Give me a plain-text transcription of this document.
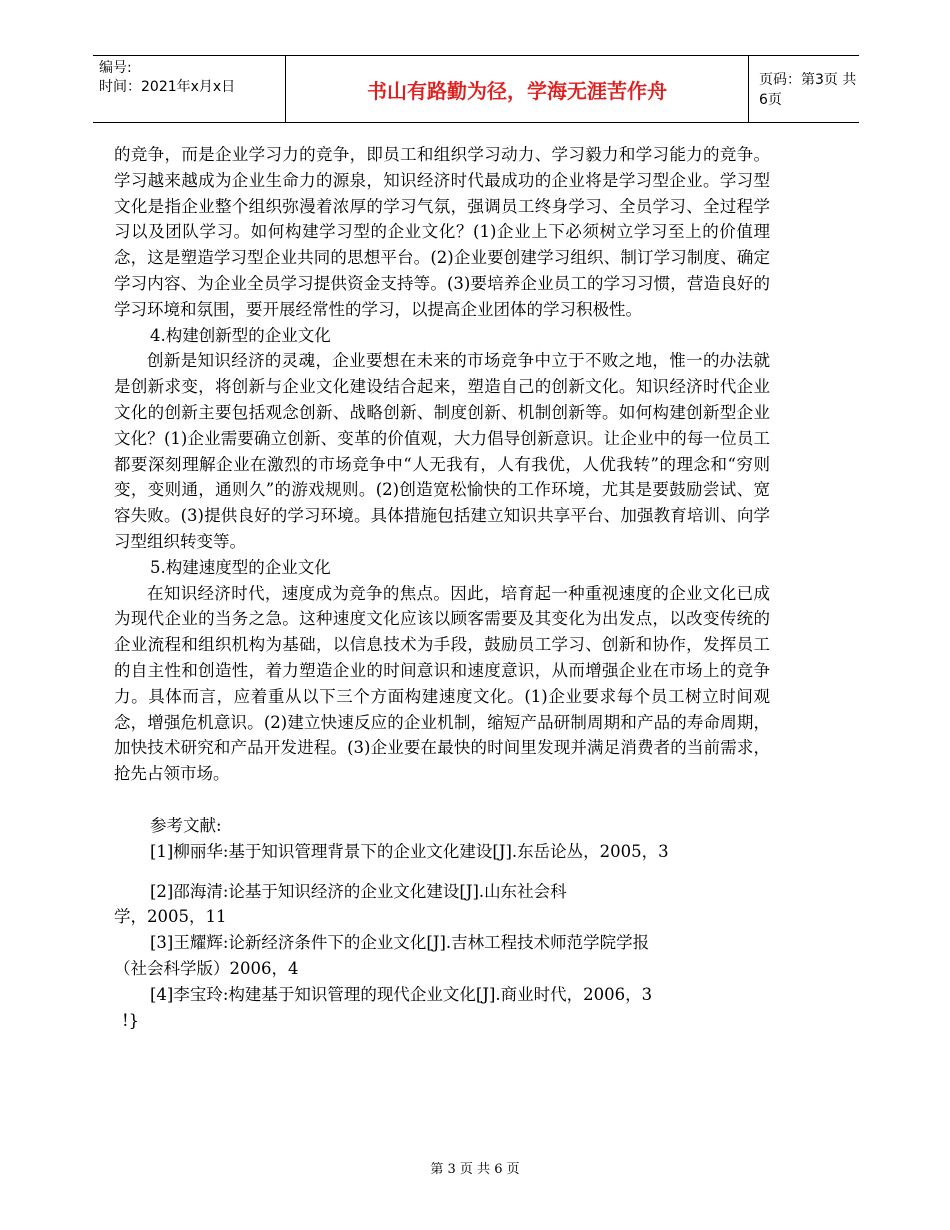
编号:
时间：2021年x月x日	书山有路勤为径，学海无涯苦作舟	页码：第3页 共6页

的竞争，而是企业学习力的竞争，即员工和组织学习动力、学习毅力和学习能力的竞争。学习越来越成为企业生命力的源泉，知识经济时代最成功的企业将是学习型企业。学习型文化是指企业整个组织弥漫着浓厚的学习气氛，强调员工终身学习、全员学习、全过程学习以及团队学习。如何构建学习型的企业文化？(1)企业上下必须树立学习至上的价值理念，这是塑造学习型企业共同的思想平台。(2)企业要创建学习组织、制订学习制度、确定学习内容、为企业全员学习提供资金支持等。(3)要培养企业员工的学习习惯，营造良好的学习环境和氛围，要开展经常性的学习，以提高企业团体的学习积极性。

4.构建创新型的企业文化

创新是知识经济的灵魂，企业要想在未来的市场竞争中立于不败之地，惟一的办法就是创新求变，将创新与企业文化建设结合起来，塑造自己的创新文化。知识经济时代企业文化的创新主要包括观念创新、战略创新、制度创新、机制创新等。如何构建创新型企业文化？(1)企业需要确立创新、变革的价值观，大力倡导创新意识。让企业中的每一位员工都要深刻理解企业在激烈的市场竞争中“人无我有，人有我优，人优我转”的理念和“穷则变，变则通，通则久”的游戏规则。(2)创造宽松愉快的工作环境，尤其是要鼓励尝试、宽容失败。(3)提供良好的学习环境。具体措施包括建立知识共享平台、加强教育培训、向学习型组织转变等。

5.构建速度型的企业文化

在知识经济时代，速度成为竞争的焦点。因此，培育起一种重视速度的企业文化已成为现代企业的当务之急。这种速度文化应该以顾客需要及其变化为出发点，以改变传统的企业流程和组织机构为基础，以信息技术为手段，鼓励员工学习、创新和协作，发挥员工的自主性和创造性，着力塑造企业的时间意识和速度意识，从而增强企业在市场上的竞争力。具体而言，应着重从以下三个方面构建速度文化。(1)企业要求每个员工树立时间观念，增强危机意识。(2)建立快速反应的企业机制，缩短产品研制周期和产品的寿命周期，加快技术研究和产品开发进程。(3)企业要在最快的时间里发现并满足消费者的当前需求，抢先占领市场。

参考文献:

[1]柳丽华:基于知识管理背景下的企业文化建设[J].东岳论丛，2005，3

[2]邵海清:论基于知识经济的企业文化建设[J].山东社会科

学，2005，11

[3]王耀辉:论新经济条件下的企业文化[J].吉林工程技术师范学院学报

（社会科学版）2006，4

[4]李宝玲:构建基于知识管理的现代企业文化[J].商业时代，2006，3

!}

第 3 页 共 6 页
